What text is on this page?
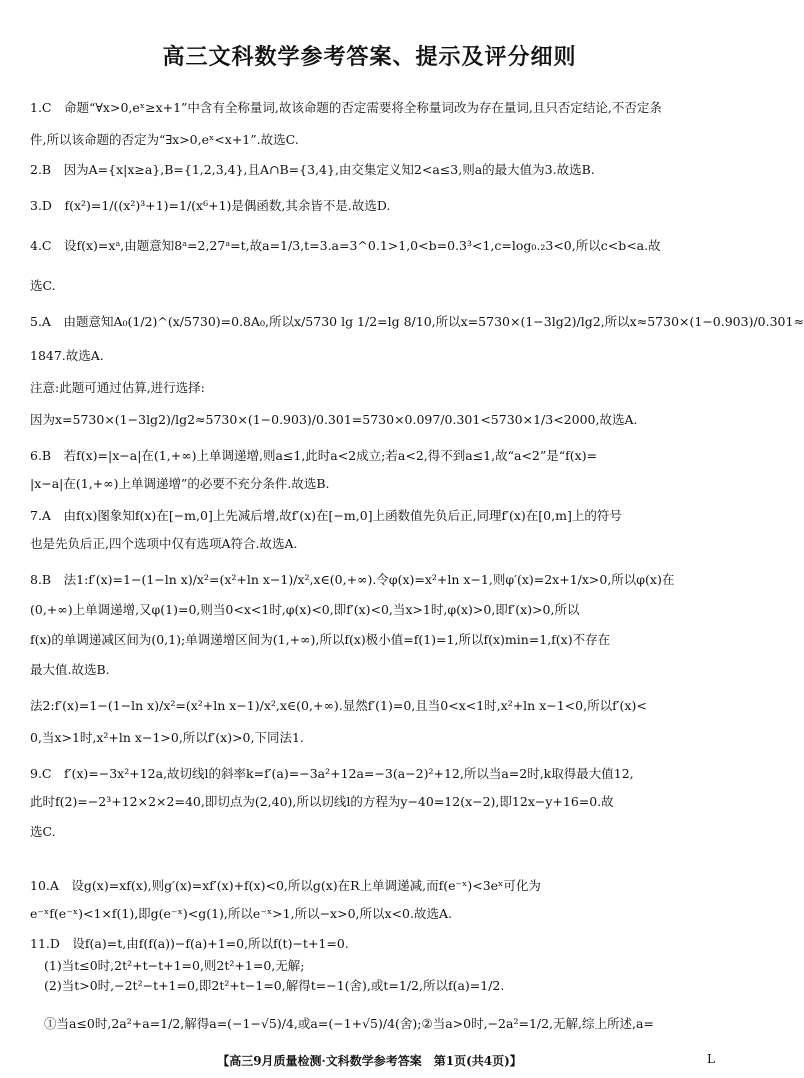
高三文科数学参考答案、提示及评分细则
1.C　命题“∀x>0,eˣ≥x+1”中含有全称量词,故该命题的否定需要将全称量词改为存在量词,且只否定结论,不否定条
件,所以该命题的否定为“∃x>0,eˣ<x+1”.故选C.
2.B　因为A={x|x≥a},B={1,2,3,4},且A∩B={3,4},由交集定义知2<a≤3,则a的最大值为3.故选B.
3.D　f(x²)=1/((x²)³+1)=1/(x⁶+1)是偶函数,其余皆不是.故选D.
4.C　设f(x)=xᵃ,由题意知8ᵃ=2,27ᵃ=t,故a=1/3,t=3.a=3^0.1>1,0<b=0.3³<1,c=log₀.₂3<0,所以c<b<a.故
选C.
5.A　由题意知A₀(1/2)^(x/5730)=0.8A₀,所以x/5730 lg 1/2=lg 8/10,所以x=5730×(1−3lg2)/lg2,所以x≈5730×(1−0.903)/0.301≈
1847.故选A.
注意:此题可通过估算,进行选择:
因为x=5730×(1−3lg2)/lg2≈5730×(1−0.903)/0.301=5730×0.097/0.301<5730×1/3<2000,故选A.
6.B　若f(x)=|x−a|在(1,+∞)上单调递增,则a≤1,此时a<2成立;若a<2,得不到a≤1,故“a<2”是“f(x)=
|x−a|在(1,+∞)上单调递增”的必要不充分条件.故选B.
7.A　由f(x)图象知f(x)在[−m,0]上先减后增,故f′(x)在[−m,0]上函数值先负后正,同理f′(x)在[0,m]上的符号
也是先负后正,四个选项中仅有选项A符合.故选A.
8.B　法1:f′(x)=1−(1−ln x)/x²=(x²+ln x−1)/x²,x∈(0,+∞).令φ(x)=x²+ln x−1,则φ′(x)=2x+1/x>0,所以φ(x)在
(0,+∞)上单调递增,又φ(1)=0,则当0<x<1时,φ(x)<0,即f′(x)<0,当x>1时,φ(x)>0,即f′(x)>0,所以
f(x)的单调递减区间为(0,1);单调递增区间为(1,+∞),所以f(x)极小值=f(1)=1,所以f(x)min=1,f(x)不存在
最大值.故选B.
法2:f′(x)=1−(1−ln x)/x²=(x²+ln x−1)/x²,x∈(0,+∞).显然f′(1)=0,且当0<x<1时,x²+ln x−1<0,所以f′(x)<
0,当x>1时,x²+ln x−1>0,所以f′(x)>0,下同法1.
9.C　f′(x)=−3x²+12a,故切线l的斜率k=f′(a)=−3a²+12a=−3(a−2)²+12,所以当a=2时,k取得最大值12,
此时f(2)=−2³+12×2×2=40,即切点为(2,40),所以切线l的方程为y−40=12(x−2),即12x−y+16=0.故
选C.
10.A　设g(x)=xf(x),则g′(x)=xf′(x)+f(x)<0,所以g(x)在R上单调递减,而f(e⁻ˣ)<3eˣ可化为
e⁻ˣf(e⁻ˣ)<1×f(1),即g(e⁻ˣ)<g(1),所以e⁻ˣ>1,所以−x>0,所以x<0.故选A.
11.D　设f(a)=t,由f(f(a))−f(a)+1=0,所以f(t)−t+1=0.
(1)当t≤0时,2t²+t−t+1=0,则2t²+1=0,无解;
(2)当t>0时,−2t²−t+1=0,即2t²+t−1=0,解得t=−1(舍),或t=1/2,所以f(a)=1/2.
①当a≤0时,2a²+a=1/2,解得a=(−1−√5)/4,或a=(−1+√5)/4(舍);②当a>0时,−2a²=1/2,无解,综上所述,a=
【高三9月质量检测·文科数学参考答案　第1页(共4页)】	L
